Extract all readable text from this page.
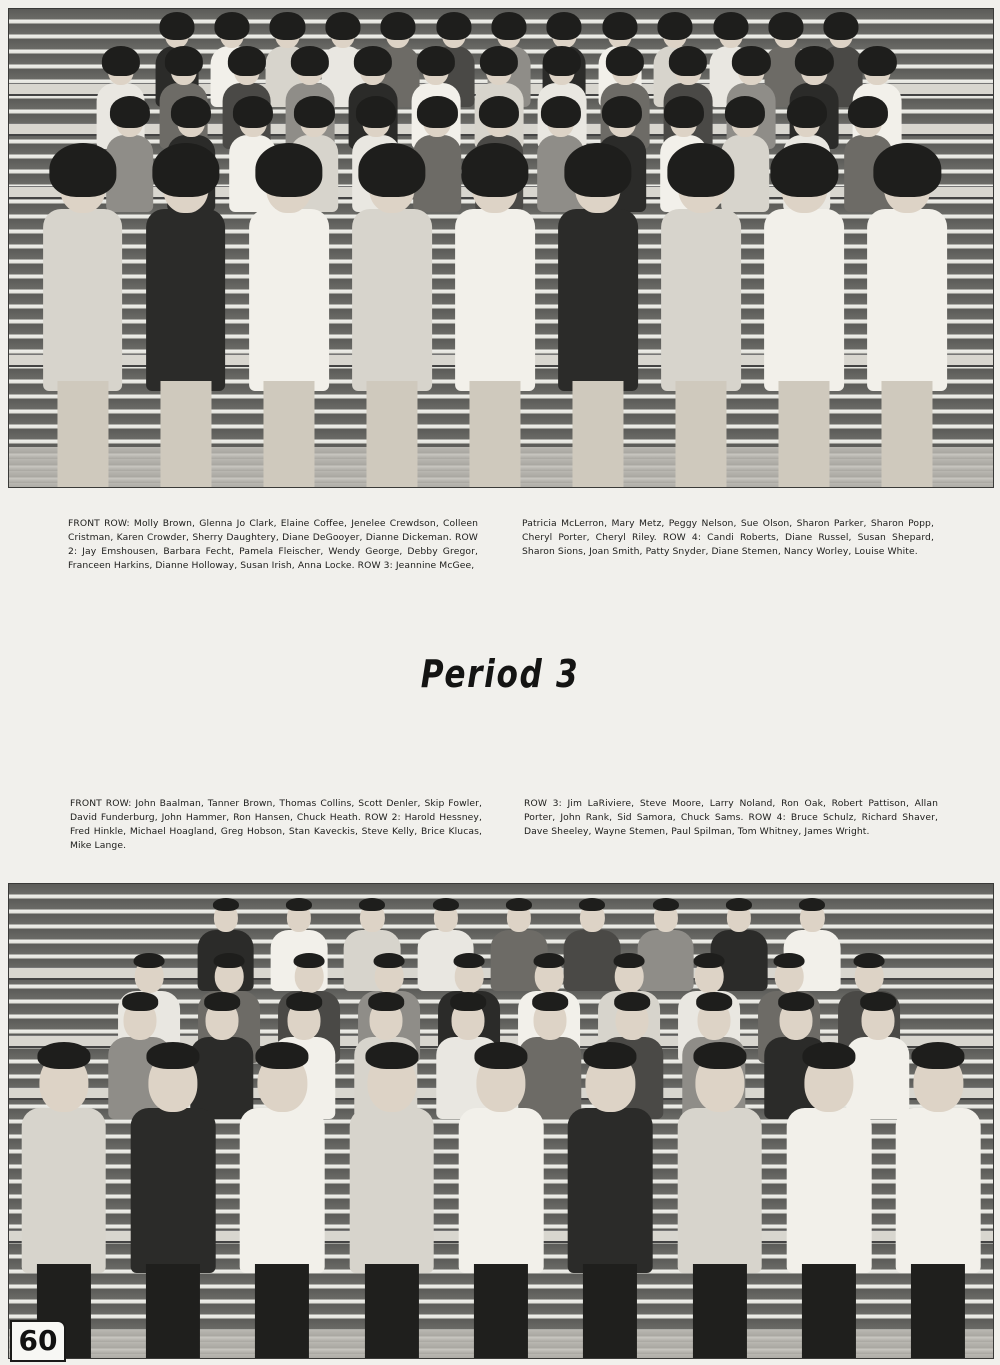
FRONT ROW: Molly Brown, Glenna Jo Clark, Elaine Coffee, Jenelee Crewdson, Colleen Cristman, Karen Crowder, Sherry Daughtery, Diane DeGooyer, Dianne Dickeman. ROW 2: Jay Emshousen, Barbara Fecht, Pamela Fleischer, Wendy George, Debby Gregor, Franceen Harkins, Dianne Holloway, Susan Irish, Anna Locke. ROW 3: Jeannine McGee,
Patricia McLerron, Mary Metz, Peggy Nelson, Sue Olson, Sharon Parker, Sharon Popp, Cheryl Porter, Cheryl Riley. ROW 4: Candi Roberts, Diane Russel, Susan Shepard, Sharon Sions, Joan Smith, Patty Snyder, Diane Stemen, Nancy Worley, Louise White.
Period 3
FRONT ROW: John Baalman, Tanner Brown, Thomas Collins, Scott Denler, Skip Fowler, David Funderburg, John Hammer, Ron Hansen, Chuck Heath. ROW 2: Harold Hessney, Fred Hinkle, Michael Hoagland, Greg Hobson, Stan Kaveckis, Steve Kelly, Brice Klucas, Mike Lange.
ROW 3: Jim LaRiviere, Steve Moore, Larry Noland, Ron Oak, Robert Pattison, Allan Porter, John Rank, Sid Samora, Chuck Sams. ROW 4: Bruce Schulz, Richard Shaver, Dave Sheeley, Wayne Stemen, Paul Spilman, Tom Whitney, James Wright.
60
